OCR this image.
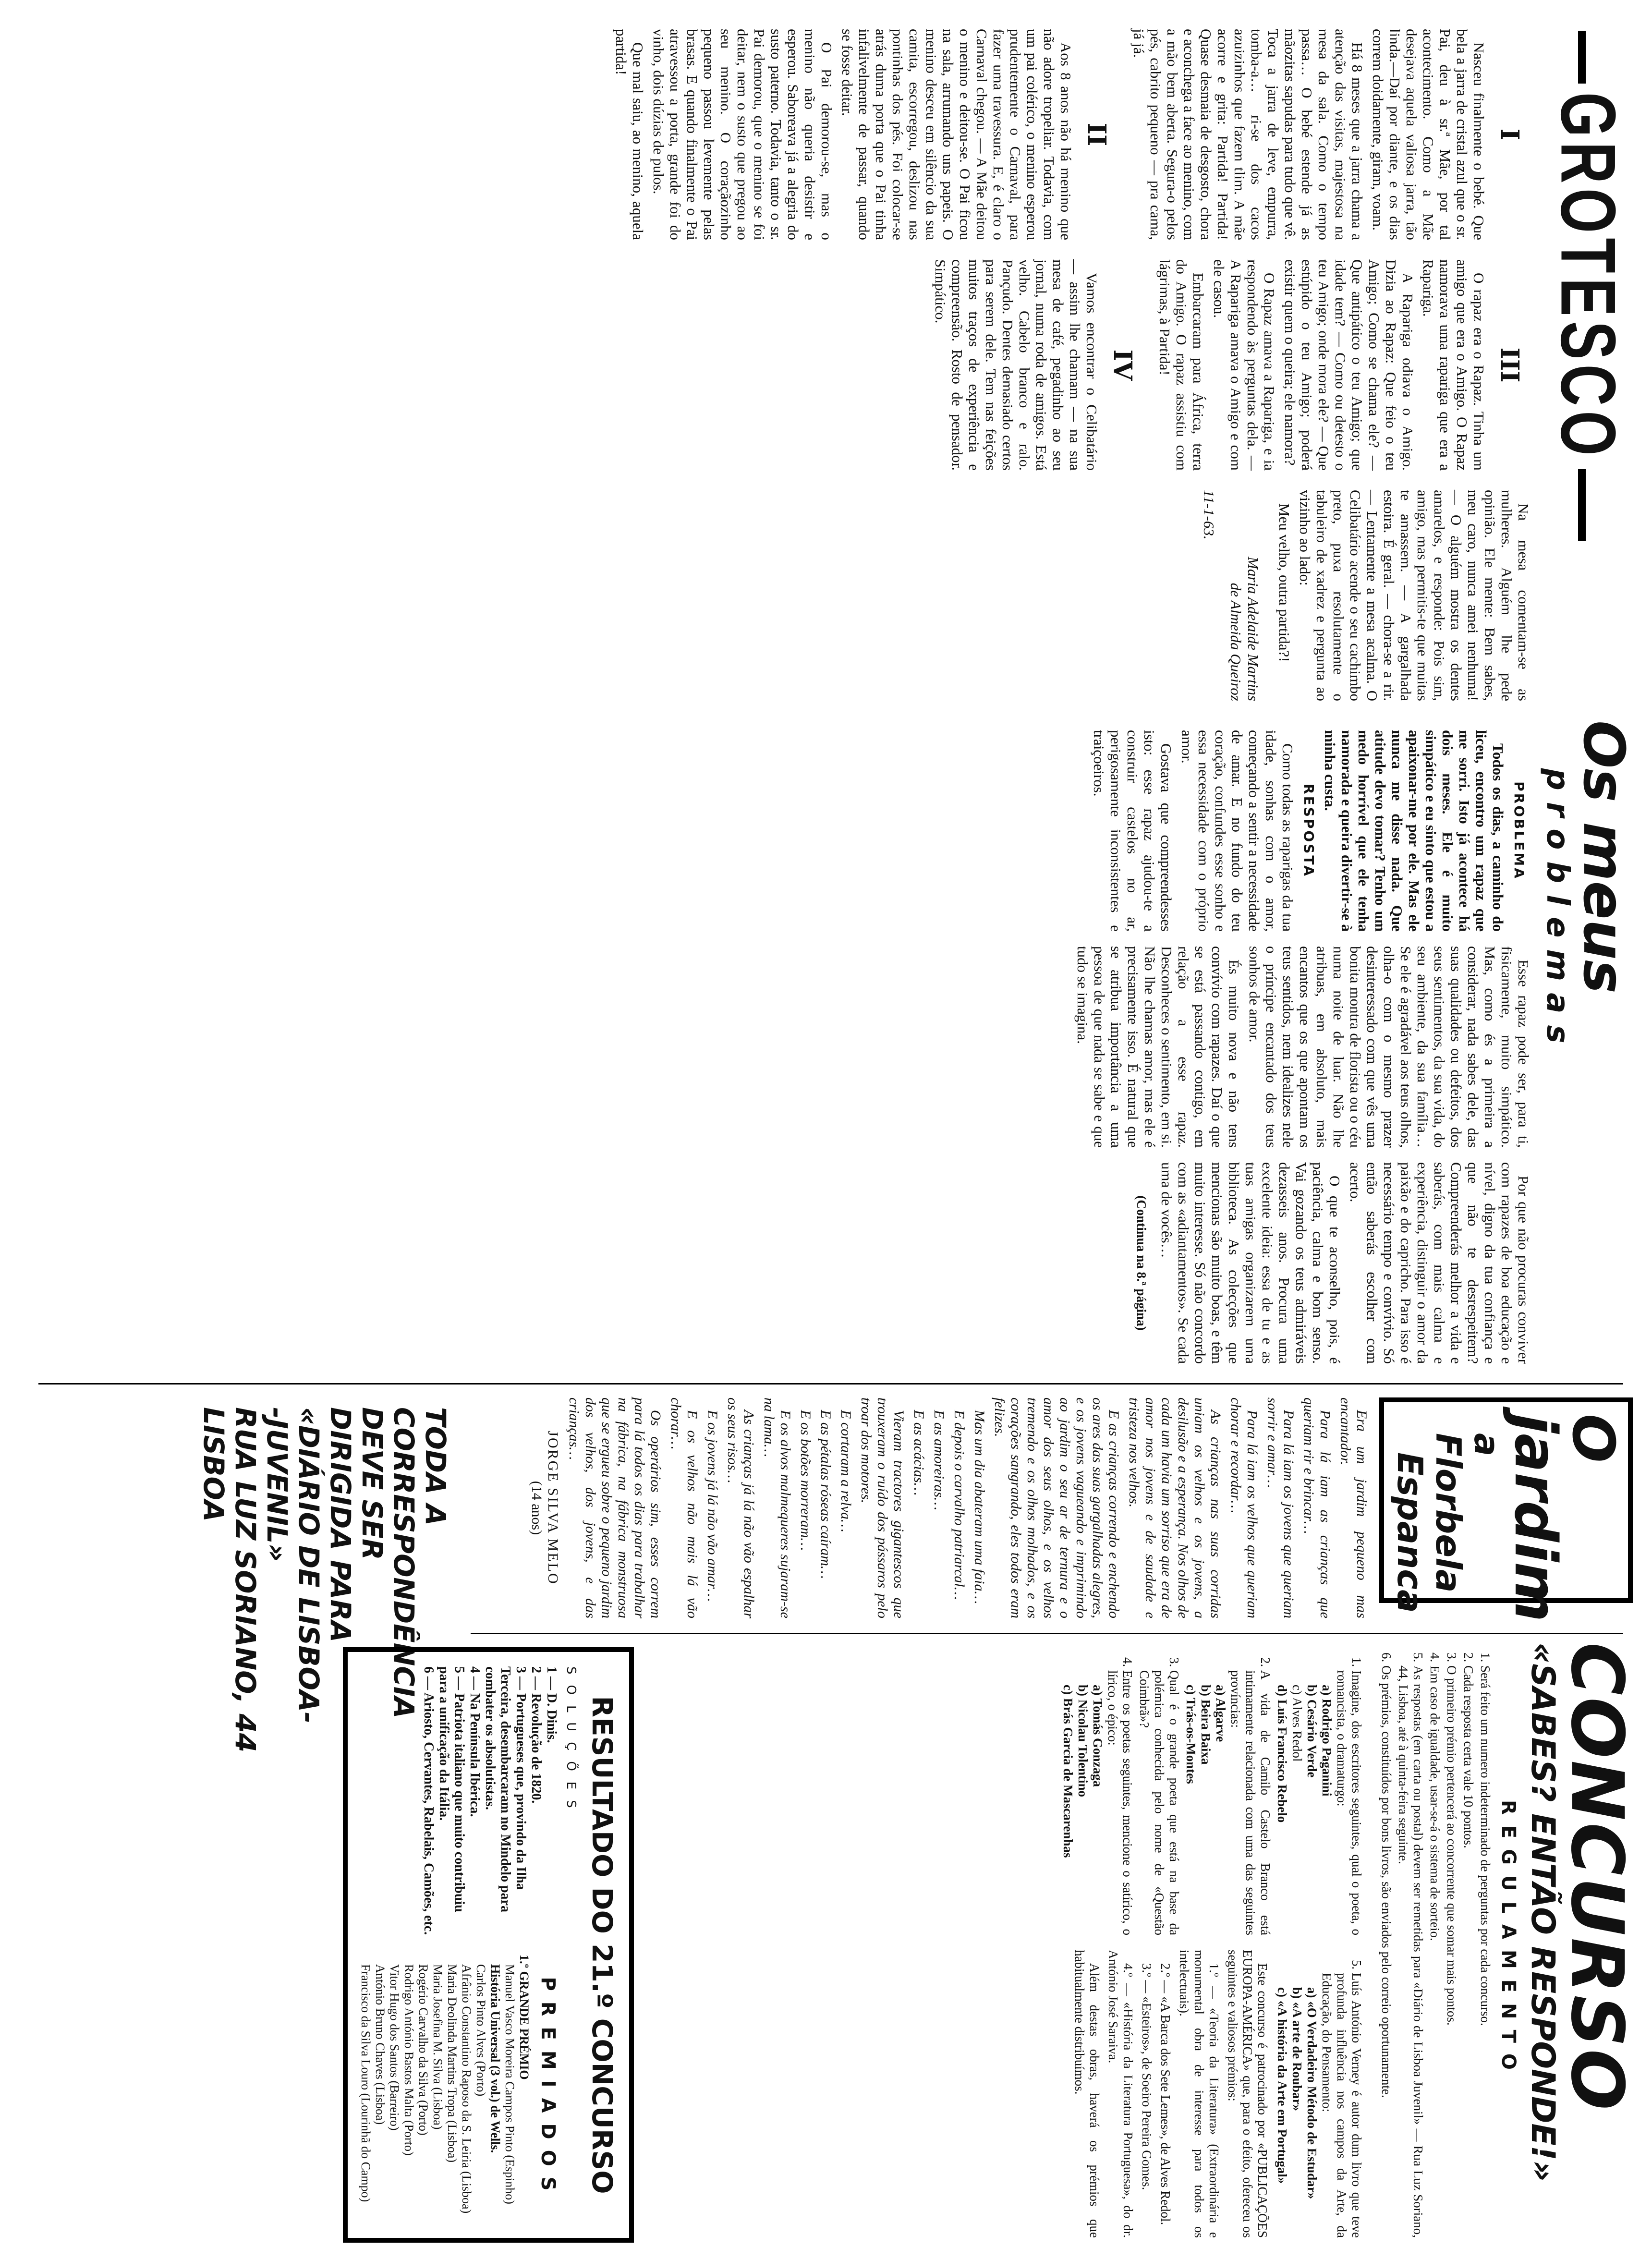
GROTESCO
I

Nasceu finalmente o bebé. Que bela a jarra de cristal azul que o sr. Pai, deu à sr.ª Mãe, por tal acontecimento. Como a Mãe desejava aquela valiosa jarra, tão linda.—Daí por diante, e os dias correm doidamente, giram, voam.

Há 8 meses que a jarra chama a atenção das visitas, majestosa na mesa da sala. Como o tempo passa… O bebé estende já as mãozitas sapudas para tudo que vê. Toca a jarra de leve, empurra, tomba-a… ri-se dos cacos azuizinhos que fazem tlim. A mãe acorre e grita: Partida! Partida! Quase desmaia de desgosto, chora e aconchega a face ao menino, com a mão bem aberta. Segura-o pelos pés, cabrito pequeno — pra cama, já já.

II

Aos 8 anos não há menino que não adore tropeliar. Todavia, com um pai colérico, o menino esperou prudentemente o Carnaval, para fazer uma travessura. E, é claro o Carnaval chegou. — A Mãe deitou o menino e deitou-se. O Pai ficou na sala, arrumando uns papeis. O menino desceu em silêncio da sua camita, escorregou, deslizou nas pontinhas dos pés. Foi colocar-se atrás duma porta que o Pai tinha infalivelmente de passar, quando se fosse deitar.

O Pai demorou-se, mas o menino não queria desistir e esperou. Saboreava já a alegria do susto paterno. Todavia, tanto o sr. Pai demorou, que o menino se foi deitar, nem o susto que pregou ao seu menino. O coraçãozinho pequeno passou levemente pelas brasas. E quando finalmente o Pai atravessou a porta, grande foi do vinho, dois dúzias de pulos.

Que mal saiu, ao menino, aquela partida!

III

O rapaz era o Rapaz. Tinha um amigo que era o Amigo. O Rapaz namorava uma rapariga que era a Rapariga.

A Rapariga odiava o Amigo. Dizia ao Rapaz: Que feio o teu Amigo; Como se chama ele? — Que antipático o teu Amigo; que idade tem? — Como ou detesto o teu Amigo; onde mora ele? — Que estúpido o teu Amigo; poderá existir quem o queira; ele namora?

O Rapaz amava a Rapariga, e ia respondendo às perguntas dela. — A Rapariga amava o Amigo e com ele casou.

Embarcaram para África, terra do Amigo. O rapaz assistiu com lágrimas, à Partida!

IV

Vamos encontrar o Celibatário — assim lhe chamam — na sua mesa de café, pegadinho ao seu jornal, numa roda de amigos. Está velho. Cabelo branco e ralo. Pançudo. Dentes demasiado certos para serem dele. Tem nas feições muitos traços de experiência e compreensão. Rosto de pensador. Simpático.

Na mesa comentam-se as mulheres. Alguém lhe pede opinião. Ele mente: Bem sabes, meu caro, nunca amei nenhuma! — O alguém mostra os dentes amarelos, e responde: Pois sim, amigo, mas permitis-te que muitas te amassem. — A gargalhada estoira. É geral. — chora-se a rir. — Lentamente a mesa acalma. O Celibatário acende o seu cachimbo preto, puxa resolutamente o tabuleiro de xadrez e pergunta ao vizinho ao lado:

Meu velho, outra partida?!

Maria Adelaide Martins
de Almeida Queiroz
11-1-63.
Os meus
problemas
PROBLEMA

Todos os dias, a caminho do liceu, encontro um rapaz que me sorri. Isto já acontece há dois meses. Ele é muito simpático e eu sinto que estou a apaixonar-me por ele. Mas ele nunca me disse nada. Que atitude devo tomar? Tenho um medo horrível que ele tenha namorada e queira divertir-se à minha custa.

RESPOSTA

Como todas as raparigas da tua idade, sonhas com o amor, começando a sentir a necessidade de amar. E no fundo do teu coração, confundes esse sonho e essa necessidade com o próprio amor.

Gostava que compreendesses isto: esse rapaz ajudou-te a construir castelos no ar, perigosamente inconsistentes e traiçoeiros.

Esse rapaz pode ser, para ti, fisicamente, muito simpático. Mas, como és a primeira a considerar, nada sabes dele, das suas qualidades ou defeitos, dos seus sentimentos, da sua vida, do seu ambiente, da sua família… Se ele é agradável aos teus olhos, olha-o com o mesmo prazer desinteressado com que vês uma bonita montra de florista ou o céu numa noite de luar. Não lhe atribuas, em absoluto, mais encantos que os que apontam os teus sentidos, nem idealizes nele o príncipe encantado dos teus sonhos de amor.

És muito nova e não tens convívio com rapazes. Daí o que se está passando contigo, em relação a esse rapaz. Desconheces o sentimento, em si. Não lhe chamas amor, mas ele é precisamente isso. É natural que se atribua importância a uma pessoa de que nada se sabe e que tudo se imagina.

Por que não procuras conviver com rapazes de boa educação e nível, digno da tua confiança e que não te desrespeitem? Compreenderás melhor a vida e saberás, com mais calma e experiência, distinguir o amor da paixão e do capricho. Para isso é necessário tempo e convívio. Só então saberás escolher com acerto.

O que te aconselho, pois, é paciência, calma e bom senso. Vai gozando os teus admiráveis dezasseis anos. Procura uma excelente ideia: essa de tu e as tuas amigas organizarem uma biblioteca. As colecções que mencionas são muito boas, e têm muito interesse. Só não concordo com as «adiantamentos». Se cada uma de vocês…

(Continua na 8.ª página)

O jardim
a Florbela
Espanca

Era um jardim pequeno mas encantador.

Para lá iam as crianças que queriam rir e brincar…

Para lá iam os jovens que queriam sorrir e amar…

Para lá iam os velhos que queriam chorar e recordar…

As crianças nas suas corridas uniam os velhos e os jovens, a desilusão e a esperança. Nos olhos de cada um havia um sorriso que era de amor nos jovens e de saudade e tristeza nos velhos.

E as crianças correndo e enchendo os ares das suas gargalhadas alegres, e os jovens vagueando e imprimindo ao jardim o seu ar de ternura e o amor dos seus olhos, e os velhos tremendo e os olhos molhados, e os corações sangrando, eles todos eram felizes.

Mas um dia abateram uma faia…

E depois o carvalho patriarcal…

E as amoreiras…

E as acácias…

Vieram tractores gigantescos que trouxeram o ruído dos pássaros pelo troar dos motores.

E cortaram a relva…

E as pétalas róseas caíram…

E os botões morreram…

E os alvos malmequeres sujaram-se na lama…

As crianças já lá não vão espalhar os seus risos…

E os jovens já lá não vão amar…

E os velhos não mais lá vão chorar…

Os operários sim, esses correm para lá todos os dias para trabalhar na fábrica, na fábrica monstruosa que se ergueu sobre o pequeno jardim dos velhos, dos jovens, e das crianças…

JORGE SILVA MELO
(14 anos)
TODA A
CORRESPONDÊNCIA
DEVE SER
DIRIGIDA PARA
«DIÁRIO DE LISBOA-
-JUVENIL»
RUA LUZ SORIANO, 44
LISBOA
CONCURSO
«SABES? ENTÃO RESPONDE!»
REGULAMENTO
1. Será feito um numero indeterminado de perguntas por cada concurso.
2. Cada resposta certa vale 10 pontos.
3. O primeiro prémio pertencerá ao concorrente que somar mais pontos.
4. Em caso de igualdade, usar-se-á o sistema de sorteio.
5. As respostas (em carta ou postal) devem ser remetidas para «Diário de Lisboa Juvenil» — Rua Luz Soriano, 44, Lisboa, até à quinta-feira seguinte.
6. Os prémios, constituídos por bons livros, são enviados pelo correio oportunamente.
1. Imagine, dos escritores seguintes, qual o poeta, o romancista, o dramaturgo:
a) Rodrigo Paganini
b) Cesário Verde
c) Alves Redol
d) Luís Francisco Rebelo
2. A vida de Camilo Castelo Branco está intimamente relacionada com uma das seguintes províncias:
a) Algarve
b) Beira Baixa
c) Trás-os-Montes
3. Qual é o grande poeta que está na base da polémica conhecida pelo nome de «Questão Coimbrã»?
4. Entre os poetas seguintes, mencione o satírico, o lírico, o épico:
a) Tomás Gonzaga
b) Nicolau Tolentino
c) Brás Garcia de Mascarenhas
5. Luís António Verney é autor dum livro que teve profunda influência nos campos da Arte, da Educação, do Pensamento:
a) «O Verdadeiro Método de Estudar»
b) «A arte de Roubar»
c) «A história da Arte em Portugal»

Este concurso é patrocinado por «PUBLICAÇÕES EUROPA-AMÉRICA» que, para o efeito, ofereceu os seguintes e valiosos prémios:

1.º — «Teoria da Literatura» (Extraordinária e monumental obra de interesse para todos os intelectuais).

2.º — «A Barca dos Sete Lemes», de Alves Redol.

3.º — «Esteiros», de Soeiro Pereira Gomes.

4.º — «História da Literatura Portuguesa», do dr. António José Saraiva.

Além destas obras, haverá os prémios que habitualmente distribuímos.

RESULTADO DO 21.º CONCURSO
SOLUÇÕES
1 — D. Dinis.
2 — Revolução de 1820.
3 — Portugueses que, provindo da Ilha Terceira, desembarcaram no Mindelo para combater os absolutistas.
4 — Na Península Ibérica.
5 — Patriota italiano que muito contribuiu para a unificação da Itália.
6 — Ariosto, Cervantes, Rabelais, Camões, etc.
PREMIADOS
1.º GRANDE PRÉMIO
Manuel Vasco Moreira Campos Pinto (Espinho)
História Universal (3 vol.) de Wells.
Carlos Pinto Alves (Porto)
Afrânio Constantino Raposo da S. Leiria (Lisboa)
Maria Deolinda Martins Tropa (Lisboa)
Maria Josefina M. Silva (Lisboa)
Rogério Carvalho da Silva (Porto)
Rodrigo António Bastos Malta (Porto)
Vitor Hugo dos Santos (Barreiro)
António Bruno Chaves (Lisboa)
Francisco da Silva Louro (Lourinhã do Campo)
